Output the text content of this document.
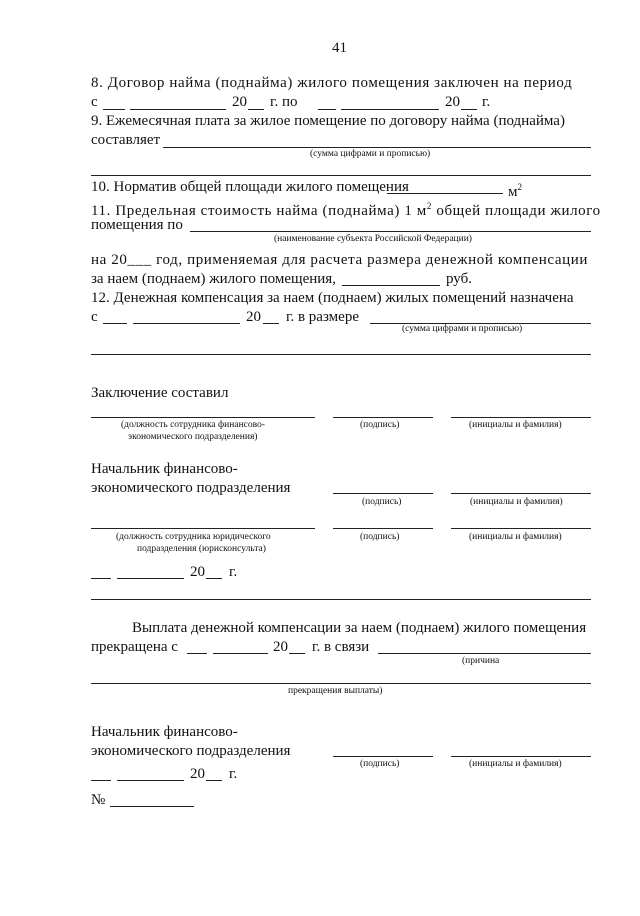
41
8. Договор найма (поднайма) жилого помещения заключен на период
с	20 г. по	20 г.
9. Ежемесячная плата за жилое помещение по договору найма (поднайма)
составляет
(сумма цифрами и прописью)
10. Норматив общей площади жилого помещения	$м^2$
11. Предельная стоимость найма (поднайма) 1 $м^2$ общей площади жилого
помещения по
(наименование субъекта Российской Федерации)
на 20___ год, применяемая для расчета размера денежной компенсации
за наем (поднаем) жилого помещения,	руб.
12. Денежная компенсация за наем (поднаем) жилых помещений назначена
с	20 г. в размере
(сумма цифрами и прописью)
Заключение составил
(должность сотрудника финансово-
экономического подразделения)
(подпись)	(инициалы и фамилия)
Начальник финансово-
экономического подразделения
(подпись)	(инициалы и фамилия)
(должность сотрудника юридического
подразделения (юрисконсульта)
(подпись)	(инициалы и фамилия)
20 г.
Выплата денежной компенсации за наем (поднаем) жилого помещения
прекращена с	20 г. в связи
(причина
прекращения выплаты)
Начальник финансово-
экономического подразделения
(подпись)	(инициалы и фамилия)
20 г.
№
